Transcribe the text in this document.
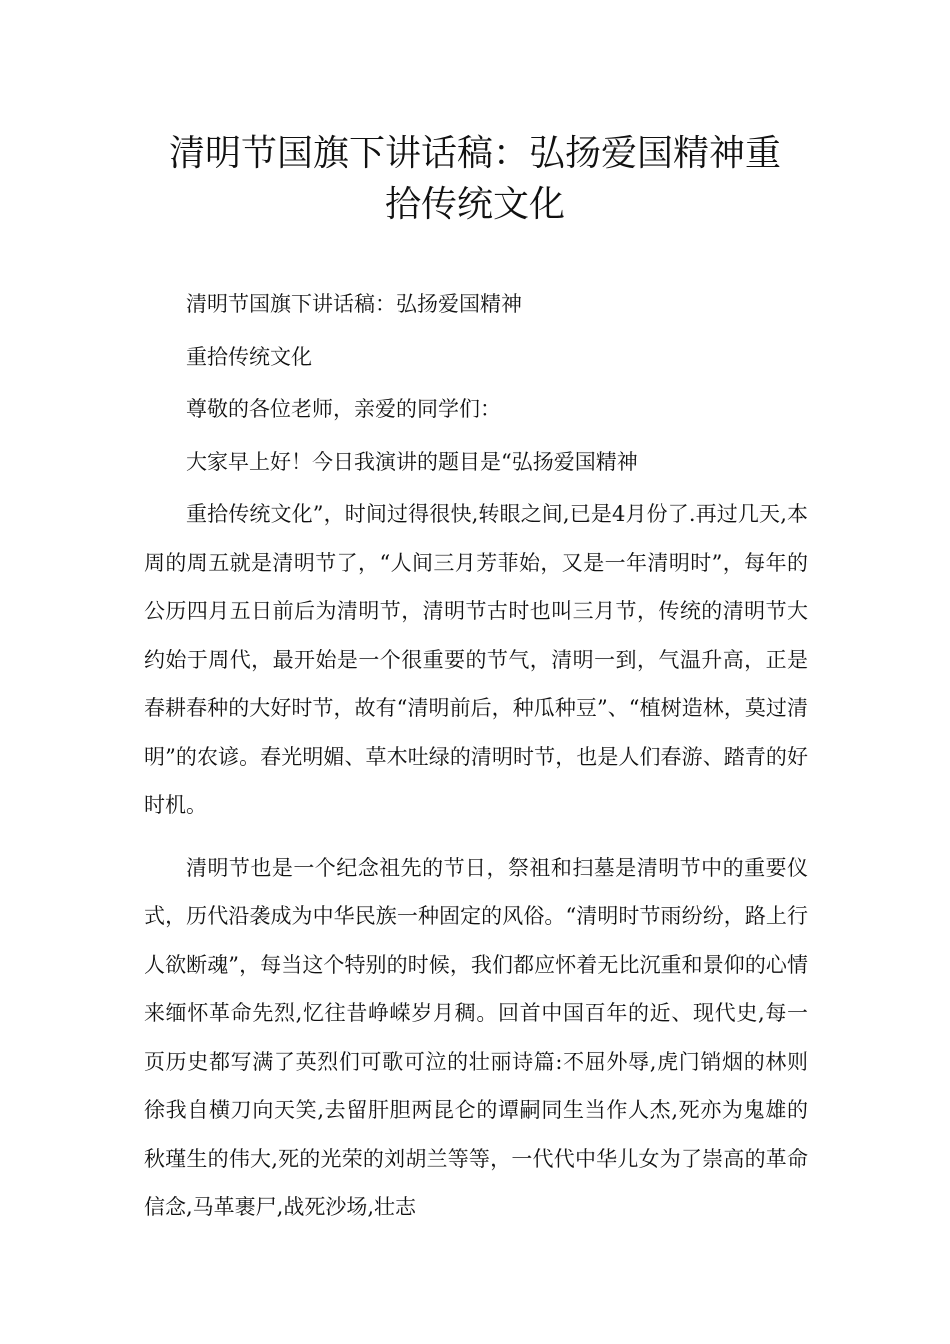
清明节国旗下讲话稿：弘扬爱国精神重
拾传统文化

清明节国旗下讲话稿：弘扬爱国精神

重拾传统文化

尊敬的各位老师，亲爱的同学们：

大家早上好！今日我演讲的题目是“弘扬爱国精神

重拾传统文化”，时间过得很快,转眼之间,已是4月份了.再过几天,本周的周五就是清明节了，“人间三月芳菲始，又是一年清明时”，每年的公历四月五日前后为清明节，清明节古时也叫三月节，传统的清明节大约始于周代，最开始是一个很重要的节气，清明一到，气温升高，正是春耕春种的大好时节，故有“清明前后，种瓜种豆”、“植树造林，莫过清明”的农谚。春光明媚、草木吐绿的清明时节，也是人们春游、踏青的好时机。

清明节也是一个纪念祖先的节日，祭祖和扫墓是清明节中的重要仪式，历代沿袭成为中华民族一种固定的风俗。“清明时节雨纷纷，路上行人欲断魂”，每当这个特别的时候，我们都应怀着无比沉重和景仰的心情来缅怀革命先烈,忆往昔峥嵘岁月稠。回首中国百年的近、现代史,每一页历史都写满了英烈们可歌可泣的壮丽诗篇:不屈外辱,虎门销烟的林则徐我自横刀向天笑,去留肝胆两昆仑的谭嗣同生当作人杰,死亦为鬼雄的秋瑾生的伟大,死的光荣的刘胡兰等等，一代代中华儿女为了崇高的革命信念,马革裹尸,战死沙场,壮志
